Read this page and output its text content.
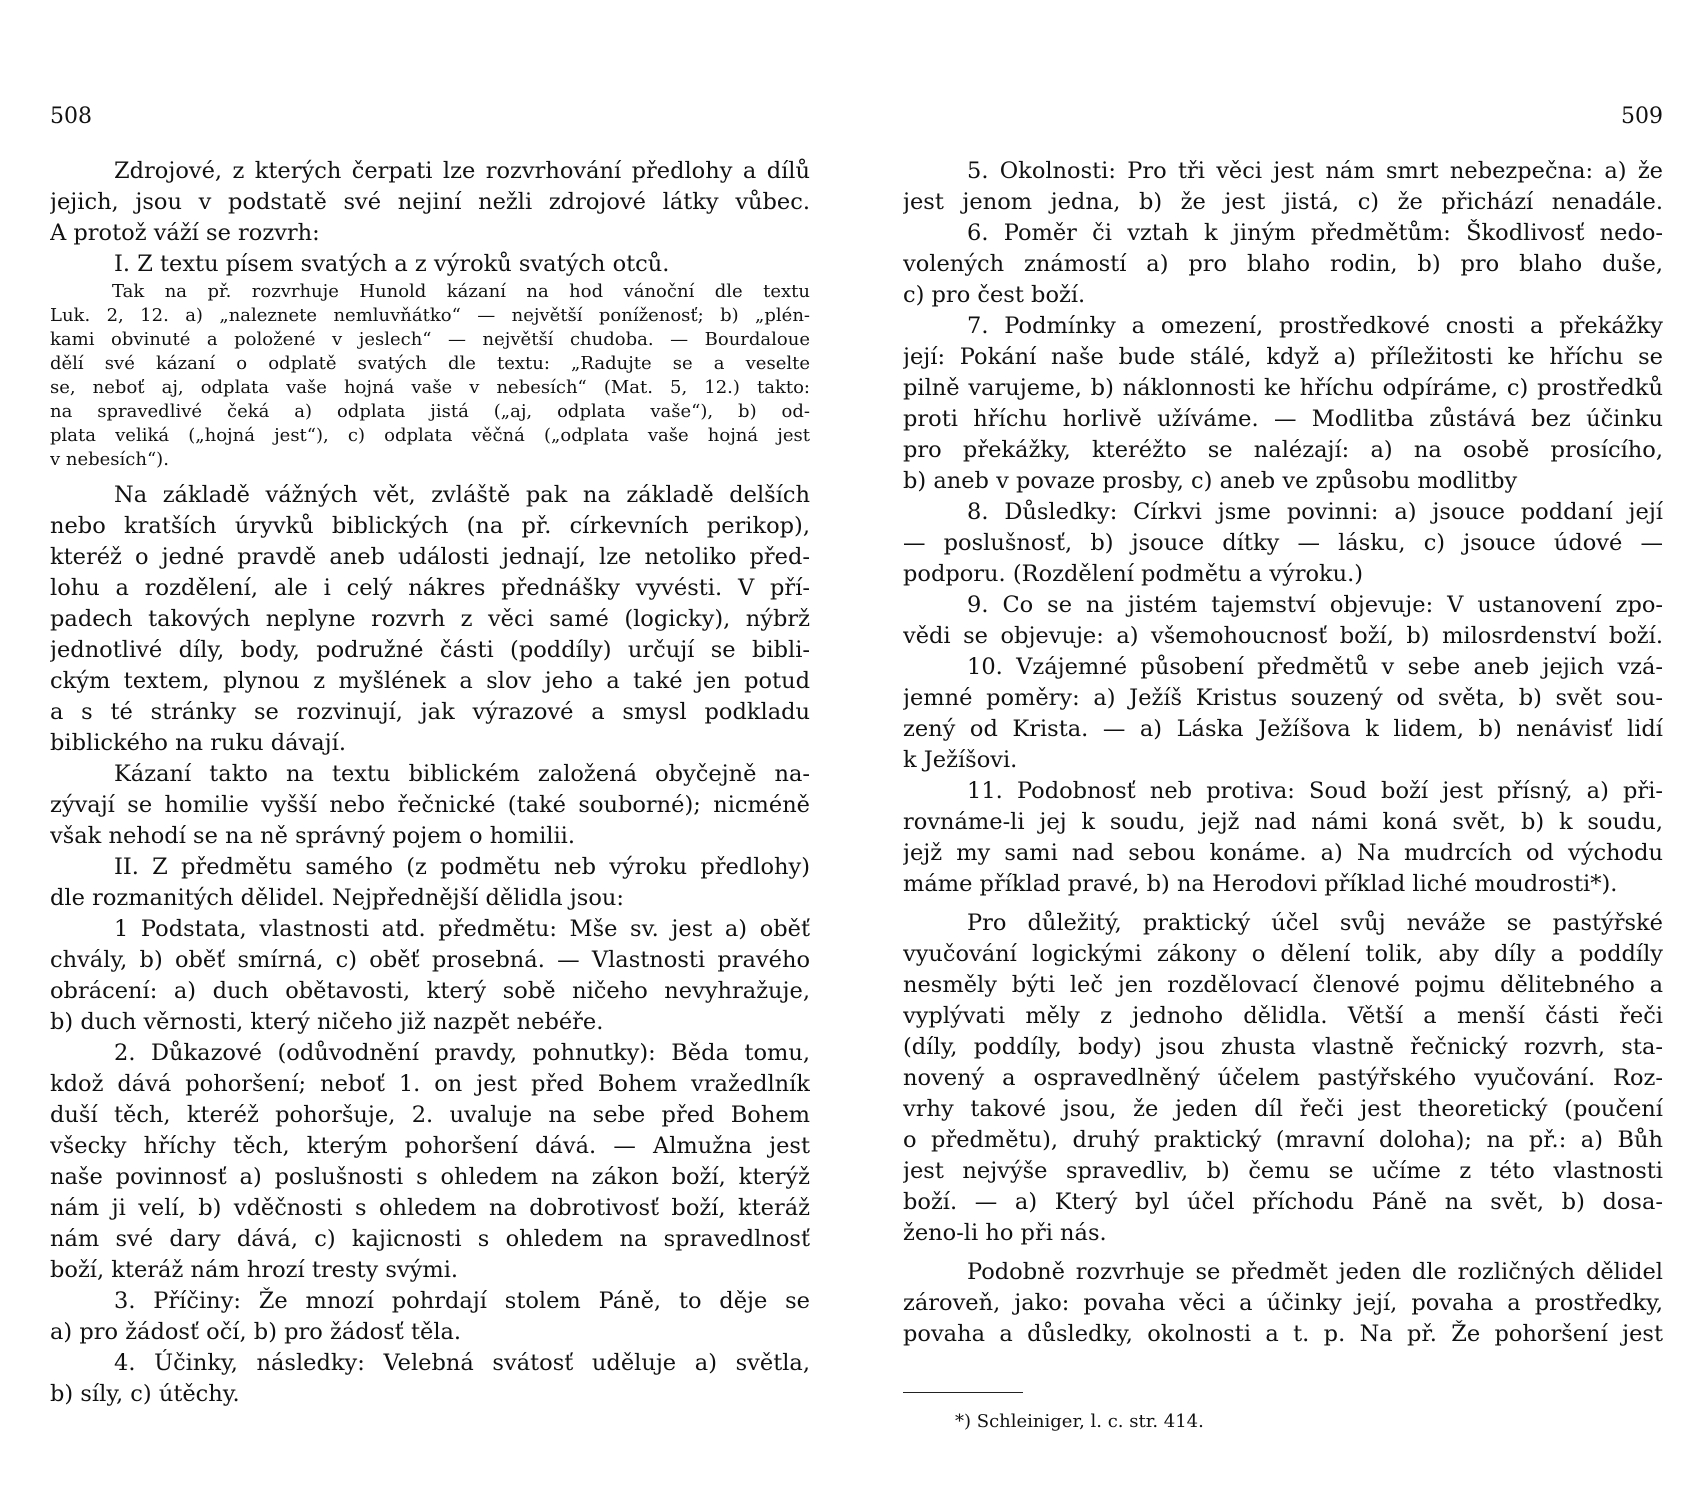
508
Zdrojové, z kterých čerpati lze rozvrhování předlohy a dílů
jejich, jsou v podstatě své nejiní nežli zdrojové látky vůbec.
A protož váží se rozvrh:
I. Z textu písem svatých a z výroků svatých otců.
Tak na př. rozvrhuje Hunold kázaní na hod vánoční dle textu
Luk. 2, 12. a) „naleznete nemluvňátko“ — největší poníženosť; b) „plén-
kami obvinuté a položené v jeslech“ — největší chudoba. — Bourdaloue
dělí své kázaní o odplatě svatých dle textu: „Radujte se a veselte
se, neboť aj, odplata vaše hojná vaše v nebesích“ (Mat. 5, 12.) takto:
na spravedlivé čeká a) odplata jistá („aj, odplata vaše“), b) od-
plata veliká („hojná jest“), c) odplata věčná („odplata vaše hojná jest
v nebesích“).
Na základě vážných vět, zvláště pak na základě delších
nebo kratších úryvků biblických (na př. církevních perikop),
kteréž o jedné pravdě aneb události jednají, lze netoliko před-
lohu a rozdělení, ale i celý nákres přednášky vyvésti. V pří-
padech takových neplyne rozvrh z věci samé (logicky), nýbrž
jednotlivé díly, body, podružné části (poddíly) určují se bibli-
ckým textem, plynou z myšlének a slov jeho a také jen potud
a s té stránky se rozvinují, jak výrazové a smysl podkladu
biblického na ruku dávají.
Kázaní takto na textu biblickém založená obyčejně na-
zývají se homilie vyšší nebo řečnické (také souborné); nicméně
však nehodí se na ně správný pojem o homilii.
II. Z předmětu samého (z podmětu neb výroku předlohy)
dle rozmanitých dělidel. Nejpřednější dělidla jsou:
1 Podstata, vlastnosti atd. předmětu: Mše sv. jest a) oběť
chvály, b) oběť smírná, c) oběť prosebná. — Vlastnosti pravého
obrácení: a) duch obětavosti, který sobě ničeho nevyhražuje,
b) duch věrnosti, který ničeho již nazpět nebéře.
2. Důkazové (odůvodnění pravdy, pohnutky): Běda tomu,
kdož dává pohoršení; neboť 1. on jest před Bohem vražedlník
duší těch, kteréž pohoršuje, 2. uvaluje na sebe před Bohem
všecky hříchy těch, kterým pohoršení dává. — Almužna jest
naše povinnosť a) poslušnosti s ohledem na zákon boží, kterýž
nám ji velí, b) vděčnosti s ohledem na dobrotivosť boží, kteráž
nám své dary dává, c) kajicnosti s ohledem na spravedlnosť
boží, kteráž nám hrozí tresty svými.
3. Příčiny: Že mnozí pohrdají stolem Páně, to děje se
a) pro žádosť očí, b) pro žádosť těla.
4. Účinky, následky: Velebná svátosť uděluje a) světla,
b) síly, c) útěchy.
509
5. Okolnosti: Pro tři věci jest nám smrt nebezpečna: a) že
jest jenom jedna, b) že jest jistá, c) že přichází nenadále.
6. Poměr či vztah k jiným předmětům: Škodlivosť nedo-
volených známostí a) pro blaho rodin, b) pro blaho duše,
c) pro čest boží.
7. Podmínky a omezení, prostředkové cnosti a překážky
její: Pokání naše bude stálé, když a) příležitosti ke hříchu se
pilně varujeme, b) náklonnosti ke hříchu odpíráme, c) prostředků
proti hříchu horlivě užíváme. — Modlitba zůstává bez účinku
pro překážky, kteréžto se nalézají: a) na osobě prosícího,
b) aneb v povaze prosby, c) aneb ve způsobu modlitby
8. Důsledky: Církvi jsme povinni: a) jsouce poddaní její
— poslušnosť, b) jsouce dítky — lásku, c) jsouce údové —
podporu. (Rozdělení podmětu a výroku.)
9. Co se na jistém tajemství objevuje: V ustanovení zpo-
vědi se objevuje: a) všemohoucnosť boží, b) milosrdenství boží.
10. Vzájemné působení předmětů v sebe aneb jejich vzá-
jemné poměry: a) Ježíš Kristus souzený od světa, b) svět sou-
zený od Krista. — a) Láska Ježíšova k lidem, b) nenávisť lidí
k Ježíšovi.
11. Podobnosť neb protiva: Soud boží jest přísný, a) při-
rovnáme-li jej k soudu, jejž nad námi koná svět, b) k soudu,
jejž my sami nad sebou konáme. a) Na mudrcích od východu
máme příklad pravé, b) na Herodovi příklad liché moudrosti*).
Pro důležitý, praktický účel svůj neváže se pastýřské
vyučování logickými zákony o dělení tolik, aby díly a poddíly
nesměly býti leč jen rozdělovací členové pojmu dělitebného a
vyplývati měly z jednoho dělidla. Větší a menší části řeči
(díly, poddíly, body) jsou zhusta vlastně řečnický rozvrh, sta-
novený a ospravedlněný účelem pastýřského vyučování. Roz-
vrhy takové jsou, že jeden díl řeči jest theoretický (poučení
o předmětu), druhý praktický (mravní doloha); na př.: a) Bůh
jest nejvýše spravedliv, b) čemu se učíme z této vlastnosti
boží. — a) Který byl účel příchodu Páně na svět, b) dosa-
ženo-li ho při nás.
Podobně rozvrhuje se předmět jeden dle rozličných dělidel
zároveň, jako: povaha věci a účinky její, povaha a prostředky,
povaha a důsledky, okolnosti a t. p. Na př. Že pohoršení jest
*) Schleiniger, l. c. str. 414.
